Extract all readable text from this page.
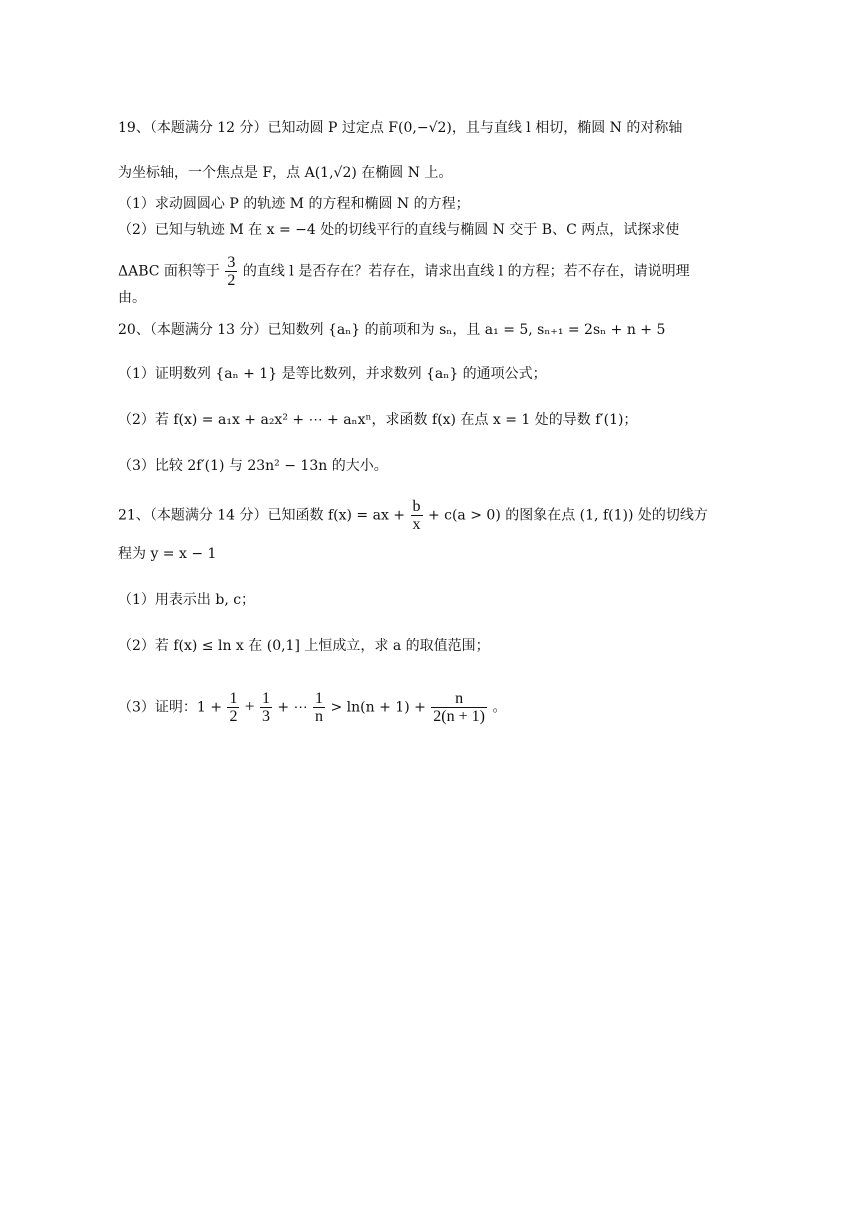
19、（本题满分 12 分）已知动圆 P 过定点 F(0,−√2)，且与直线 l 相切，椭圆 N 的对称轴
为坐标轴，一个焦点是 F，点 A(1,√2) 在椭圆 N 上。
（1）求动圆圆心 P 的轨迹 M 的方程和椭圆 N 的方程；
（2）已知与轨迹 M 在 x = −4 处的切线平行的直线与椭圆 N 交于 B、C 两点，试探求使
ΔABC 面积等于 $\frac{3}{2}$ 的直线 l 是否存在？若存在，请求出直线 l 的方程；若不存在，请说明理
由。
20、（本题满分 13 分）已知数列 {aₙ} 的前项和为 sₙ，且 a₁ = 5, sₙ₊₁ = 2sₙ + n + 5
（1）证明数列 {aₙ + 1} 是等比数列，并求数列 {aₙ} 的通项公式；
（2）若 f(x) = a₁x + a₂x² + ⋯ + aₙxⁿ，求函数 f(x) 在点 x = 1 处的导数 f′(1)；
（3）比较 2f′(1) 与 23n² − 13n 的大小。
21、（本题满分 14 分）已知函数 f(x) = ax + $\frac{b}{x} + c(a > 0)$ 的图象在点 (1, f(1)) 处的切线方
程为 y = x − 1
（1）用表示出 b, c；
（2）若 f(x) ≤ ln x 在 (0,1] 上恒成立，求 a 的取值范围；
（3）证明：$1 + \frac{1}{2} + \frac{1}{3}$ + ⋯ $\frac{1}{n} > \ln(n + 1) + \frac{n}{2(n + 1)}$ 。
